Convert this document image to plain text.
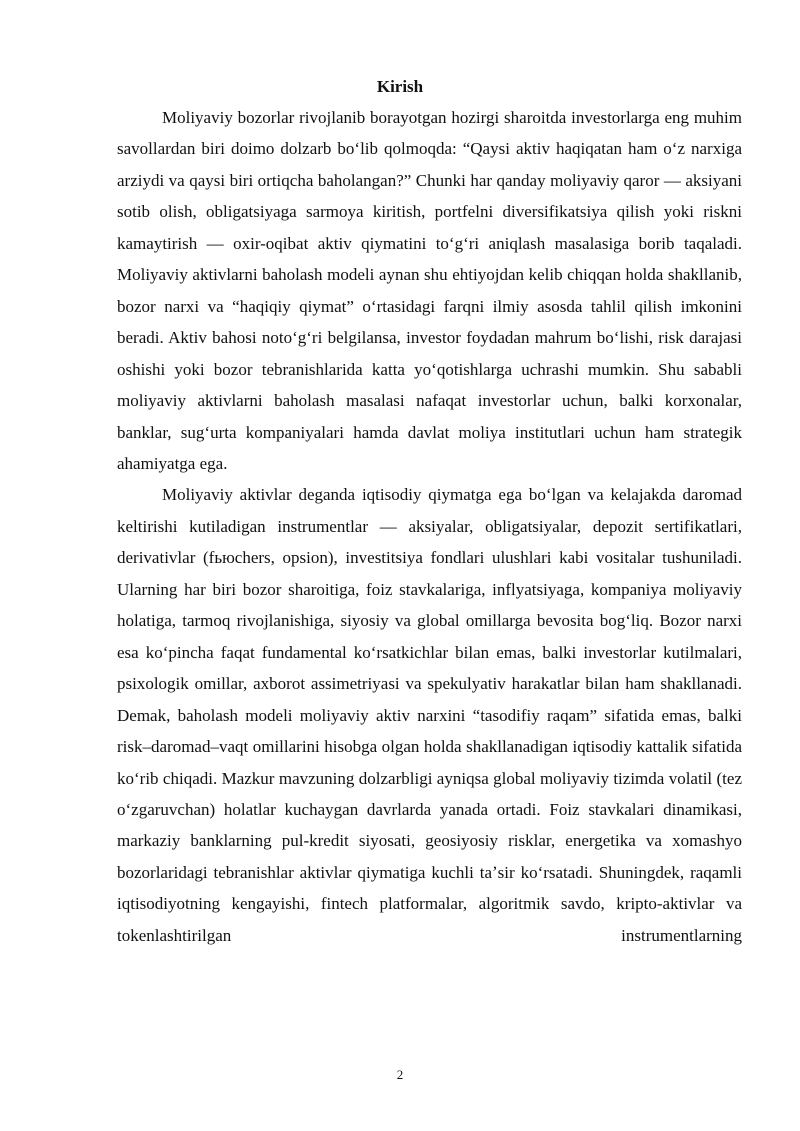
Kirish

Moliyaviy bozorlar rivojlanib borayotgan hozirgi sharoitda investorlarga eng muhim savollardan biri doimo dolzarb boʻlib qolmoqda: “Qaysi aktiv haqiqatan ham oʻz narxiga arziydi va qaysi biri ortiqcha baholangan?” Chunki har qanday moliyaviy qaror — aksiyani sotib olish, obligatsiyaga sarmoya kiritish, portfelni diversifikatsiya qilish yoki riskni kamaytirish — oxir-oqibat aktiv qiymatini toʻgʻri aniqlash masalasiga borib taqaladi. Moliyaviy aktivlarni baholash modeli aynan shu ehtiyojdan kelib chiqqan holda shakllanib, bozor narxi va “haqiqiy qiymat” oʻrtasidagi farqni ilmiy asosda tahlil qilish imkonini beradi. Aktiv bahosi notoʻgʻri belgilansa, investor foydadan mahrum boʻlishi, risk darajasi oshishi yoki bozor tebranishlarida katta yoʻqotishlarga uchrashi mumkin. Shu sababli moliyaviy aktivlarni baholash masalasi nafaqat investorlar uchun, balki korxonalar, banklar, sugʻurta kompaniyalari hamda davlat moliya institutlari uchun ham strategik ahamiyatga ega.

Moliyaviy aktivlar deganda iqtisodiy qiymatga ega boʻlgan va kelajakda daromad keltirishi kutiladigan instrumentlar — aksiyalar, obligatsiyalar, depozit sertifikatlari, derivativlar (fьюchers, opsion), investitsiya fondlari ulushlari kabi vositalar tushuniladi. Ularning har biri bozor sharoitiga, foiz stavkalariga, inflyatsiyaga, kompaniya moliyaviy holatiga, tarmoq rivojlanishiga, siyosiy va global omillarga bevosita bogʻliq. Bozor narxi esa koʻpincha faqat fundamental koʻrsatkichlar bilan emas, balki investorlar kutilmalari, psixologik omillar, axborot assimetriyasi va spekulyativ harakatlar bilan ham shakllanadi. Demak, baholash modeli moliyaviy aktiv narxini “tasodifiy raqam” sifatida emas, balki risk–daromad–vaqt omillarini hisobga olgan holda shakllanadigan iqtisodiy kattalik sifatida koʻrib chiqadi. Mazkur mavzuning dolzarbligi ayniqsa global moliyaviy tizimda volatil (tez oʻzgaruvchan) holatlar kuchaygan davrlarda yanada ortadi. Foiz stavkalari dinamikasi, markaziy banklarning pul-kredit siyosati, geosiyosiy risklar, energetika va xomashyo bozorlaridagi tebranishlar aktivlar qiymatiga kuchli taʼsir koʻrsatadi. Shuningdek, raqamli iqtisodiyotning kengayishi, fintech platformalar, algoritmik savdo, kripto-aktivlar va tokenlashtirilgan instrumentlarning

2
